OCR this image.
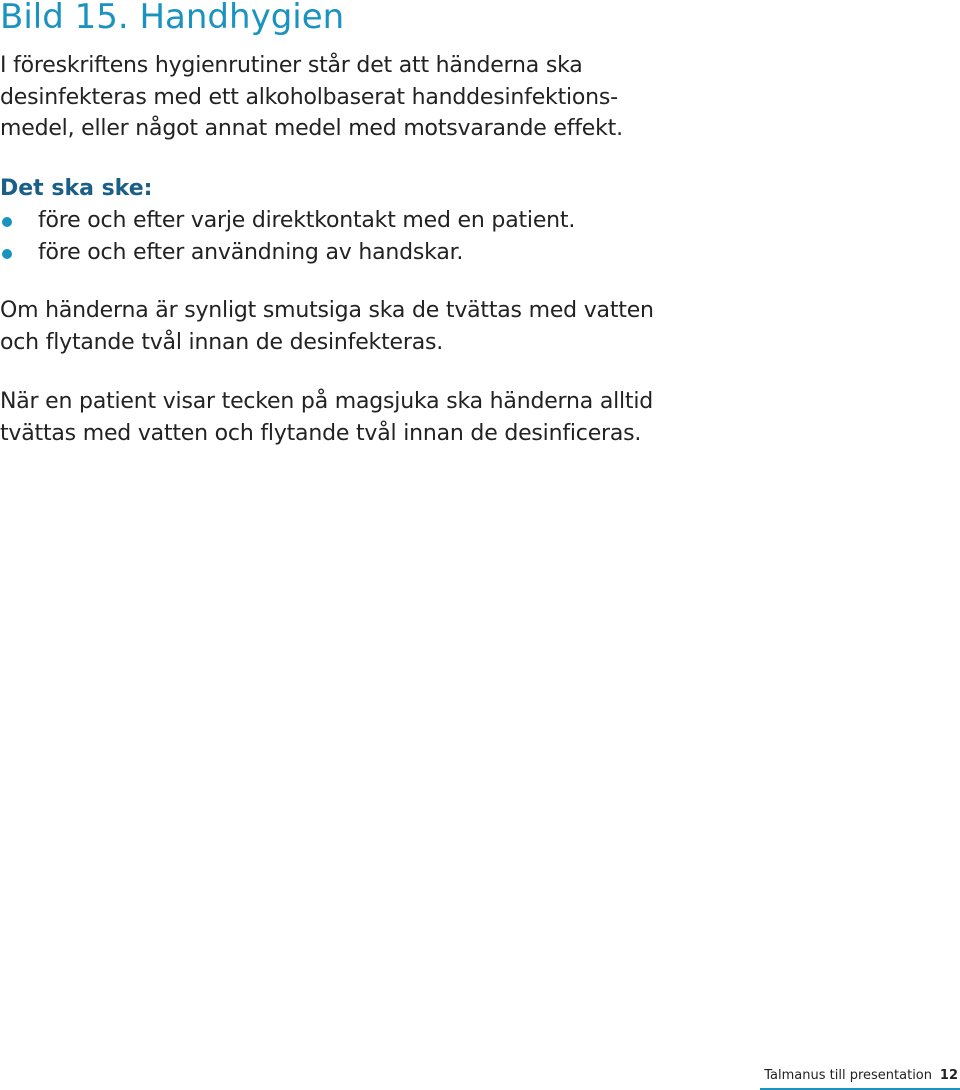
Bild 15. Handhygien

I föreskriftens hygienrutiner står det att händerna ska
desinfekteras med ett alkoholbaserat handdesinfektions-
medel, eller något annat medel med motsvarande effekt.

Det ska ske:
före och efter varje direktkontakt med en patient.
före och efter användning av handskar.

Om händerna är synligt smutsiga ska de tvättas med vatten
och flytande tvål innan de desinfekteras.

När en patient visar tecken på magsjuka ska händerna alltid
tvättas med vatten och flytande tvål innan de desinficeras.

Talmanus till presentation 12
